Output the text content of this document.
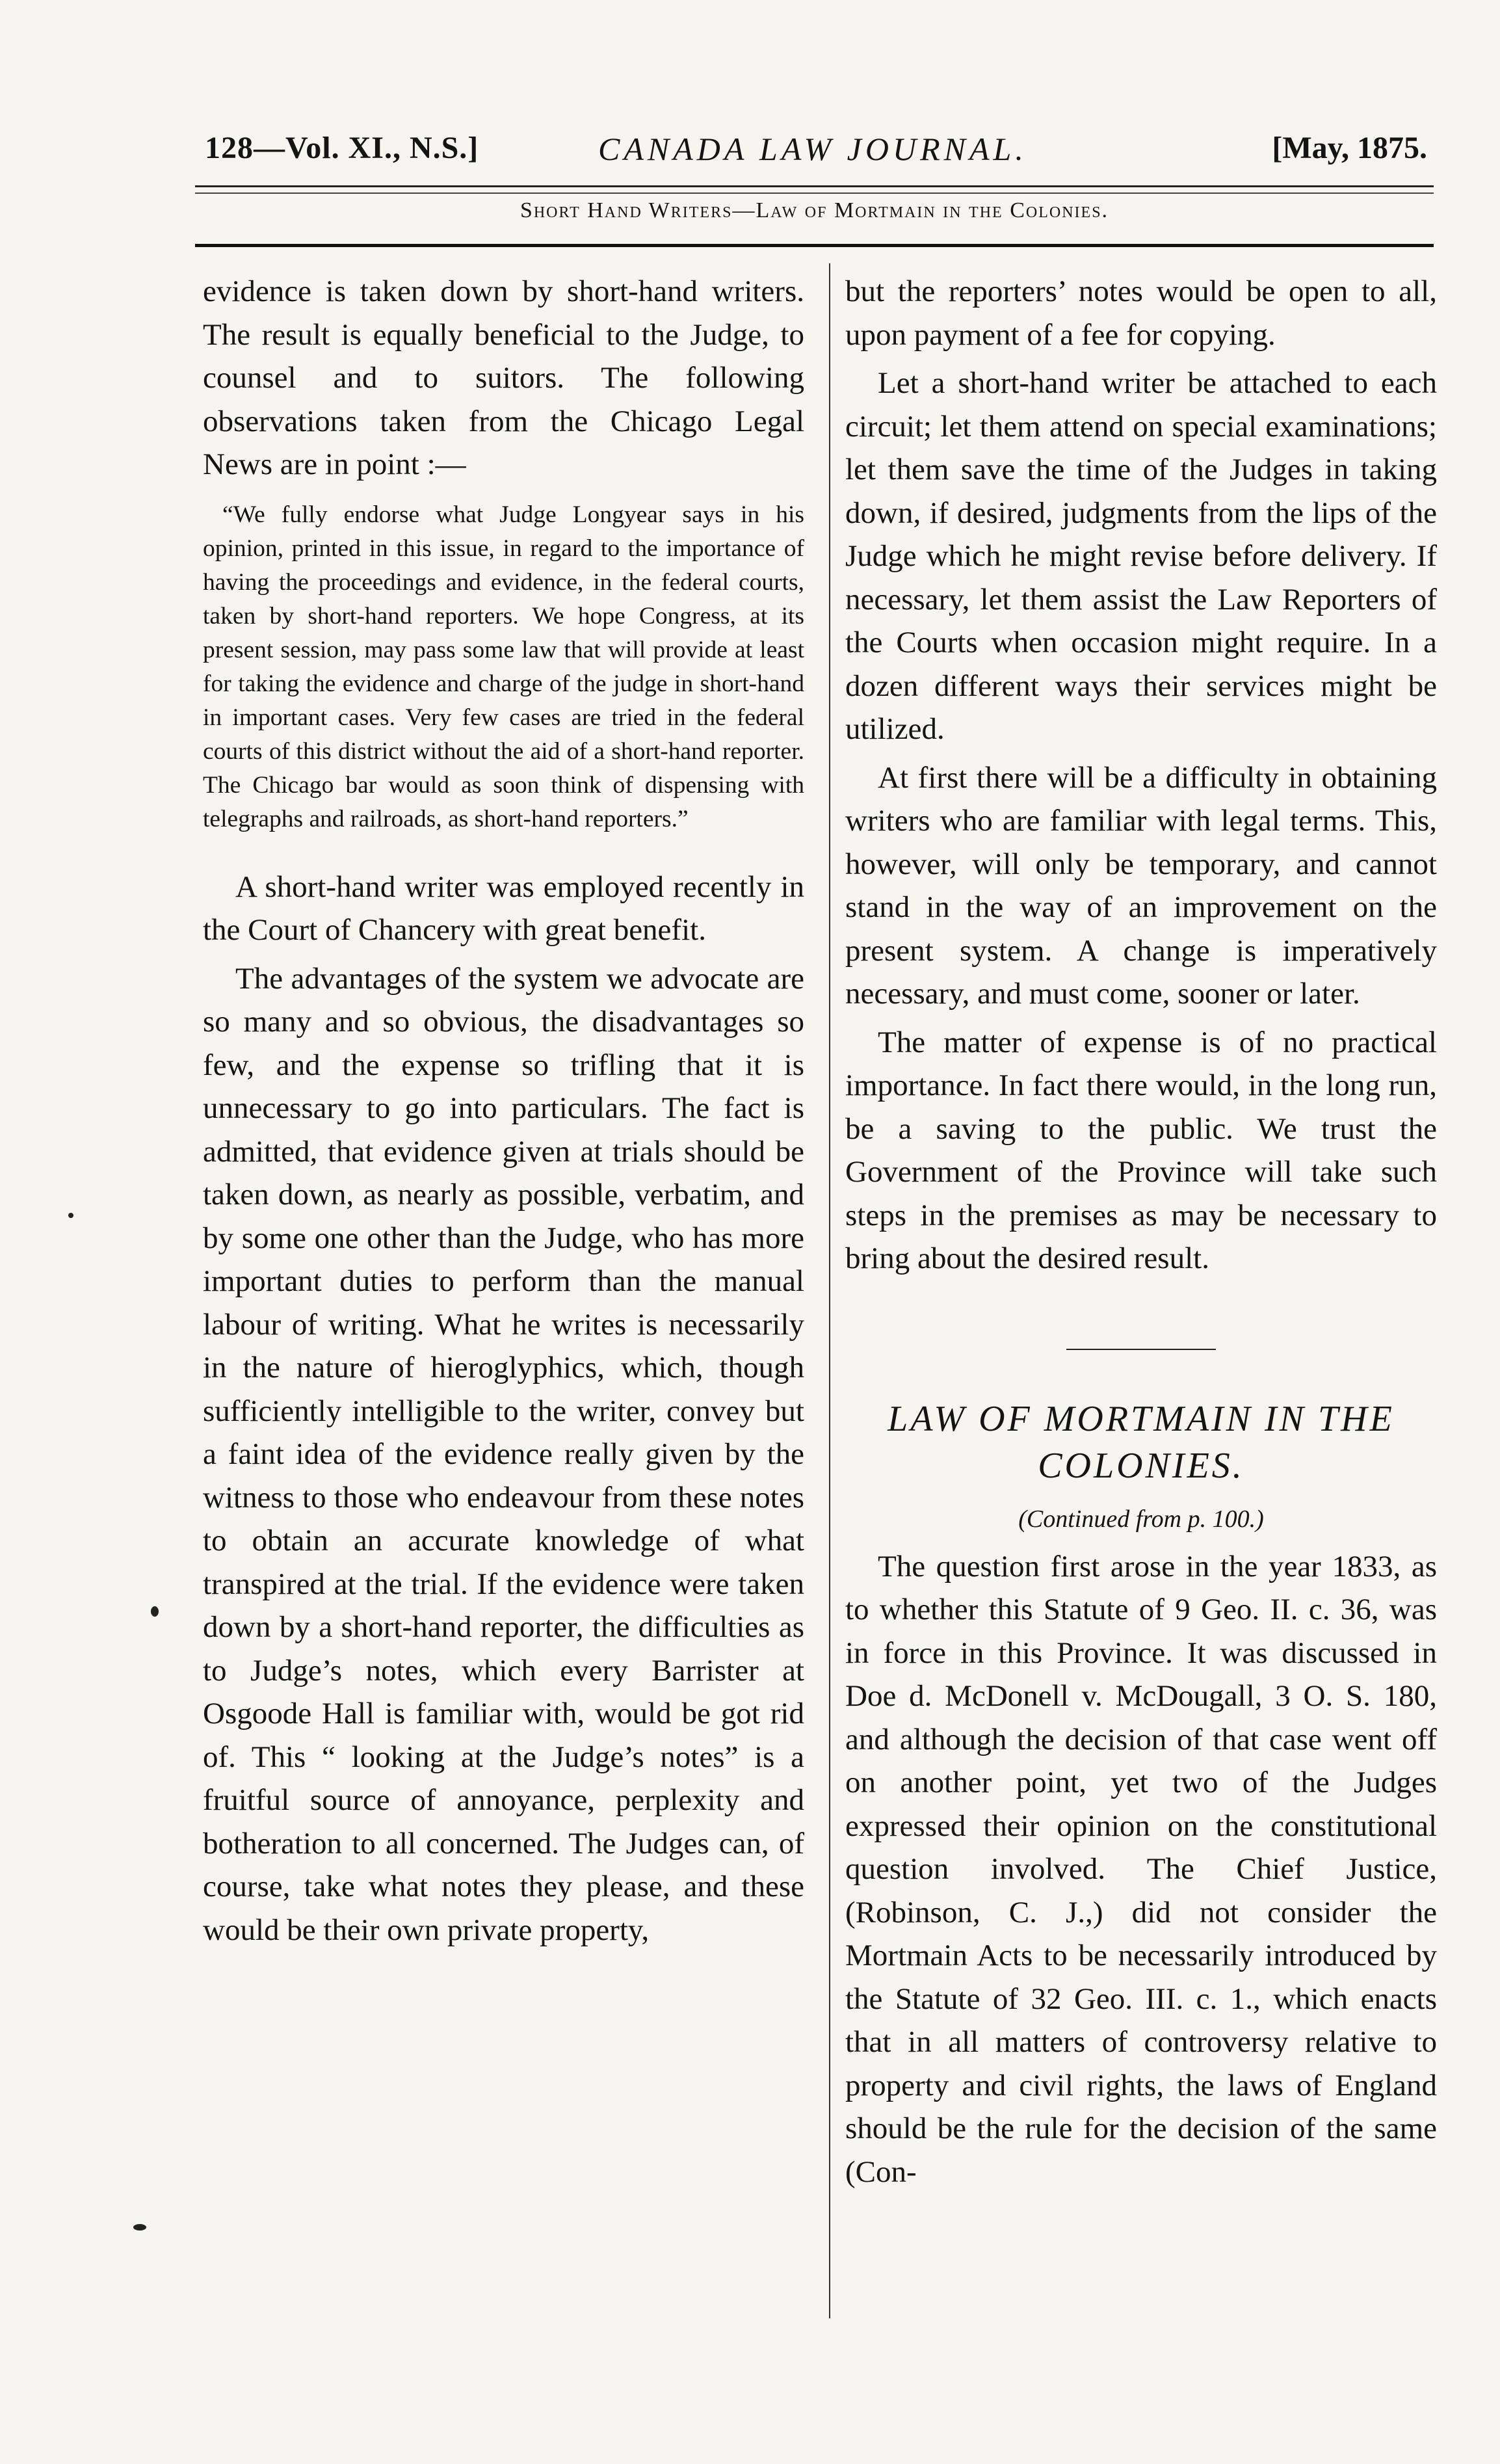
128—Vol. XI., N.S.]	CANADA LAW JOURNAL.	[May, 1875.
Short Hand Writers—Law of Mortmain in the Colonies.

evidence is taken down by short-hand writers. The result is equally beneficial to the Judge, to counsel and to suitors. The following observations taken from the Chicago Legal News are in point :—

“We fully endorse what Judge Longyear says in his opinion, printed in this issue, in regard to the importance of having the proceedings and evidence, in the federal courts, taken by short-hand reporters. We hope Congress, at its present session, may pass some law that will provide at least for taking the evidence and charge of the judge in short-hand in important cases. Very few cases are tried in the federal courts of this district without the aid of a short-hand reporter. The Chicago bar would as soon think of dispensing with telegraphs and railroads, as short-hand reporters.”

A short-hand writer was employed recently in the Court of Chancery with great benefit.

The advantages of the system we advocate are so many and so obvious, the disadvantages so few, and the expense so trifling that it is unnecessary to go into particulars. The fact is admitted, that evidence given at trials should be taken down, as nearly as possible, verbatim, and by some one other than the Judge, who has more important duties to perform than the manual labour of writing. What he writes is necessarily in the nature of hieroglyphics, which, though sufficiently intelligible to the writer, convey but a faint idea of the evidence really given by the witness to those who endeavour from these notes to obtain an accurate knowledge of what transpired at the trial. If the evidence were taken down by a short-hand reporter, the difficulties as to Judge’s notes, which every Barrister at Osgoode Hall is familiar with, would be got rid of. This “ looking at the Judge’s notes” is a fruitful source of annoyance, perplexity and botheration to all concerned. The Judges can, of course, take what notes they please, and these would be their own private property,

but the reporters’ notes would be open to all, upon payment of a fee for copying.

Let a short-hand writer be attached to each circuit; let them attend on special examinations; let them save the time of the Judges in taking down, if desired, judgments from the lips of the Judge which he might revise before delivery. If necessary, let them assist the Law Reporters of the Courts when occasion might require. In a dozen different ways their services might be utilized.

At first there will be a difficulty in obtaining writers who are familiar with legal terms. This, however, will only be temporary, and cannot stand in the way of an improvement on the present system. A change is imperatively necessary, and must come, sooner or later.

The matter of expense is of no practical importance. In fact there would, in the long run, be a saving to the public. We trust the Government of the Province will take such steps in the premises as may be necessary to bring about the desired result.

LAW OF MORTMAIN IN THE COLONIES.

(Continued from p. 100.)

The question first arose in the year 1833, as to whether this Statute of 9 Geo. II. c. 36, was in force in this Province. It was discussed in Doe d. McDonell v. McDougall, 3 O. S. 180, and although the decision of that case went off on another point, yet two of the Judges expressed their opinion on the constitutional question involved. The Chief Justice, (Robinson, C. J.,) did not consider the Mortmain Acts to be necessarily introduced by the Statute of 32 Geo. III. c. 1., which enacts that in all matters of controversy relative to property and civil rights, the laws of England should be the rule for the decision of the same (Con-
